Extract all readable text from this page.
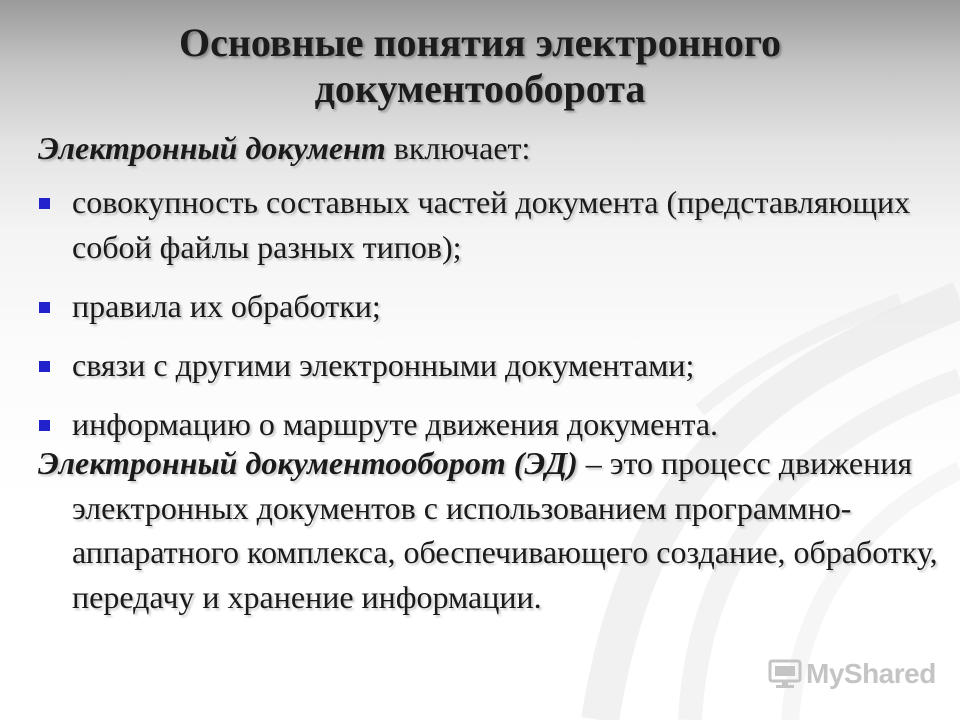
Основные понятия электронного
документооборота
Электронный документ включает:
совокупность составных частей документа (представляющих собой файлы разных типов);
правила их обработки;
связи с другими электронными документами;
информацию о маршруте движения документа.
Электронный документооборот (ЭД) – это процесс движения электронных документов с использованием программно-аппаратного комплекса, обеспечивающего создание, обработку, передачу и хранение информации.
MyShared
